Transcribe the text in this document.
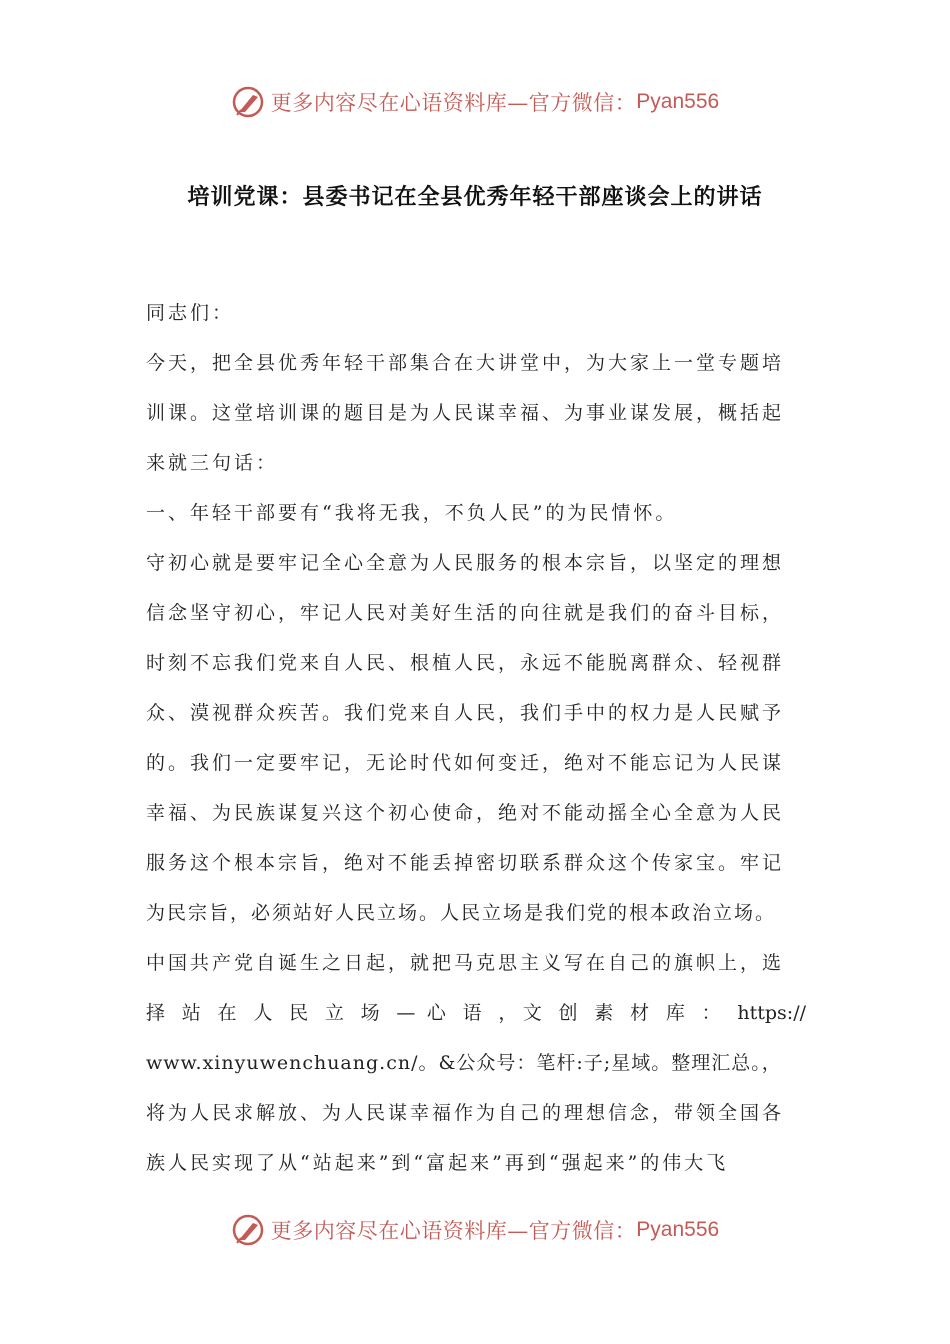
更多内容尽在心语资料库—官方微信： Pyan556
培训党课：县委书记在全县优秀年轻干部座谈会上的讲话
同志们：
今天，把全县优秀年轻干部集合在大讲堂中，为大家上一堂专题培
训课。这堂培训课的题目是为人民谋幸福、为事业谋发展，概括起
来就三句话：
一、年轻干部要有“我将无我，不负人民”的为民情怀。
守初心就是要牢记全心全意为人民服务的根本宗旨，以坚定的理想
信念坚守初心，牢记人民对美好生活的向往就是我们的奋斗目标，
时刻不忘我们党来自人民、根植人民，永远不能脱离群众、轻视群
众、漠视群众疾苦。我们党来自人民，我们手中的权力是人民赋予
的。我们一定要牢记，无论时代如何变迁，绝对不能忘记为人民谋
幸福、为民族谋复兴这个初心使命，绝对不能动摇全心全意为人民
服务这个根本宗旨，绝对不能丢掉密切联系群众这个传家宝。牢记
为民宗旨，必须站好人民立场。人民立场是我们党的根本政治立场。
中国共产党自诞生之日起，就把马克思主义写在自己的旗帜上，选
择 站 在 人 民 立 场 — 心 语 ，文 创 素 材 库 ： https://
www.xinyuwenchuang.cn/。&公众号：笔杆:子;星域。整理汇总。，
将为人民求解放、为人民谋幸福作为自己的理想信念，带领全国各
族人民实现了从“站起来”到“富起来”再到“强起来”的伟大飞
更多内容尽在心语资料库—官方微信： Pyan556
